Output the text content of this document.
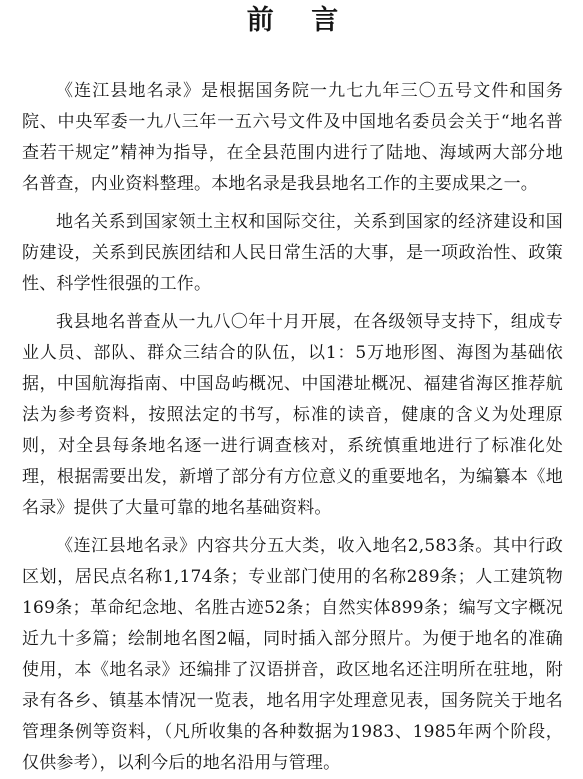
前 言

《连江县地名录》是根据国务院一九七九年三〇五号文件和国务院、中央军委一九八三年一五六号文件及中国地名委员会关于“地名普查若干规定”精神为指导，在全县范围内进行了陆地、海域两大部分地名普查，内业资料整理。本地名录是我县地名工作的主要成果之一。

地名关系到国家领土主权和国际交往，关系到国家的经济建设和国防建设，关系到民族团结和人民日常生活的大事，是一项政治性、政策性、科学性很强的工作。

我县地名普查从一九八〇年十月开展，在各级领导支持下，组成专业人员、部队、群众三结合的队伍，以1：5万地形图、海图为基础依据，中国航海指南、中国岛屿概况、中国港址概况、福建省海区推荐航法为参考资料，按照法定的书写，标准的读音，健康的含义为处理原则，对全县每条地名逐一进行调查核对，系统慎重地进行了标准化处理，根据需要出发，新增了部分有方位意义的重要地名，为编纂本《地名录》提供了大量可靠的地名基础资料。

《连江县地名录》内容共分五大类，收入地名2,583条。其中行政区划，居民点名称1,174条；专业部门使用的名称289条；人工建筑物169条；革命纪念地、名胜古迹52条；自然实体899条；编写文字概况近九十多篇；绘制地名图2幅，同时插入部分照片。为便于地名的准确使用，本《地名录》还编排了汉语拼音，政区地名还注明所在驻地，附录有各乡、镇基本情况一览表，地名用字处理意见表，国务院关于地名管理条例等资料，（凡所收集的各种数据为1983、1985年两个阶段，仅供参考），以利今后的地名沿用与管理。
